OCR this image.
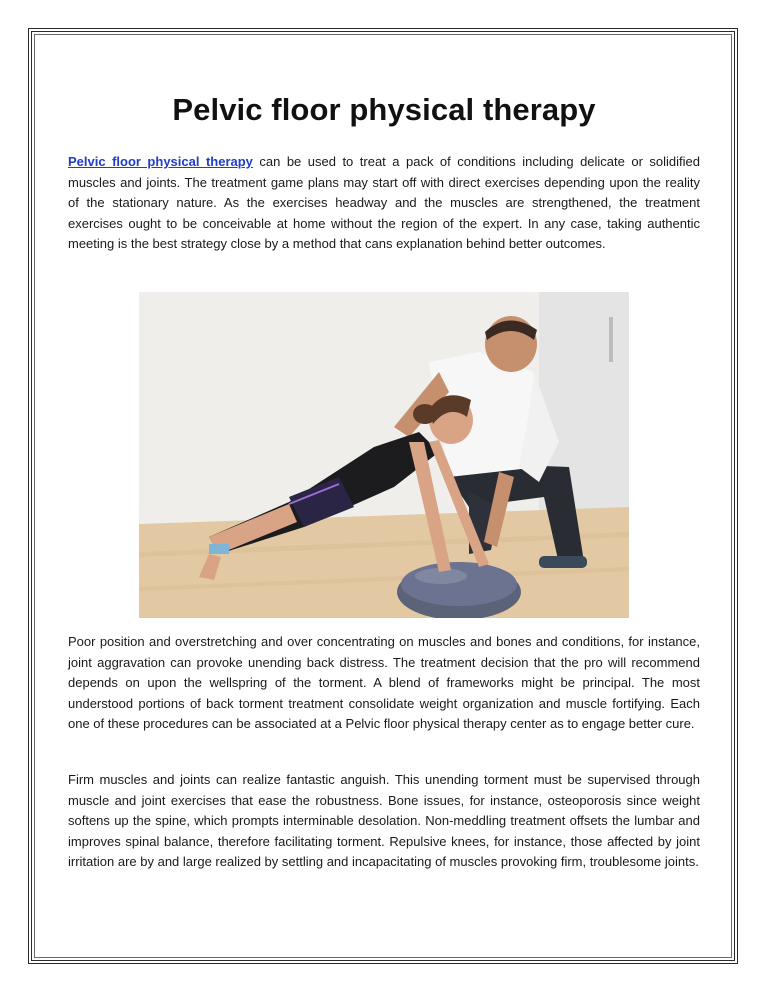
Pelvic floor physical therapy

Pelvic floor physical therapy can be used to treat a pack of conditions including delicate or solidified muscles and joints. The treatment game plans may start off with direct exercises depending upon the reality of the stationary nature. As the exercises headway and the muscles are strengthened, the treatment exercises ought to be conceivable at home without the region of the expert. In any case, taking authentic meeting is the best strategy close by a method that cans explanation behind better outcomes.

Poor position and overstretching and over concentrating on muscles and bones and conditions, for instance, joint aggravation can provoke unending back distress. The treatment decision that the pro will recommend depends on upon the wellspring of the torment. A blend of frameworks might be principal. The most understood portions of back torment treatment consolidate weight organization and muscle fortifying. Each one of these procedures can be associated at a Pelvic floor physical therapy center as to engage better cure.

Firm muscles and joints can realize fantastic anguish. This unending torment must be supervised through muscle and joint exercises that ease the robustness. Bone issues, for instance, osteoporosis since weight softens up the spine, which prompts interminable desolation. Non-meddling treatment offsets the lumbar and improves spinal balance, therefore facilitating torment. Repulsive knees, for instance, those affected by joint irritation are by and large realized by settling and incapacitating of muscles provoking firm, troublesome joints.
